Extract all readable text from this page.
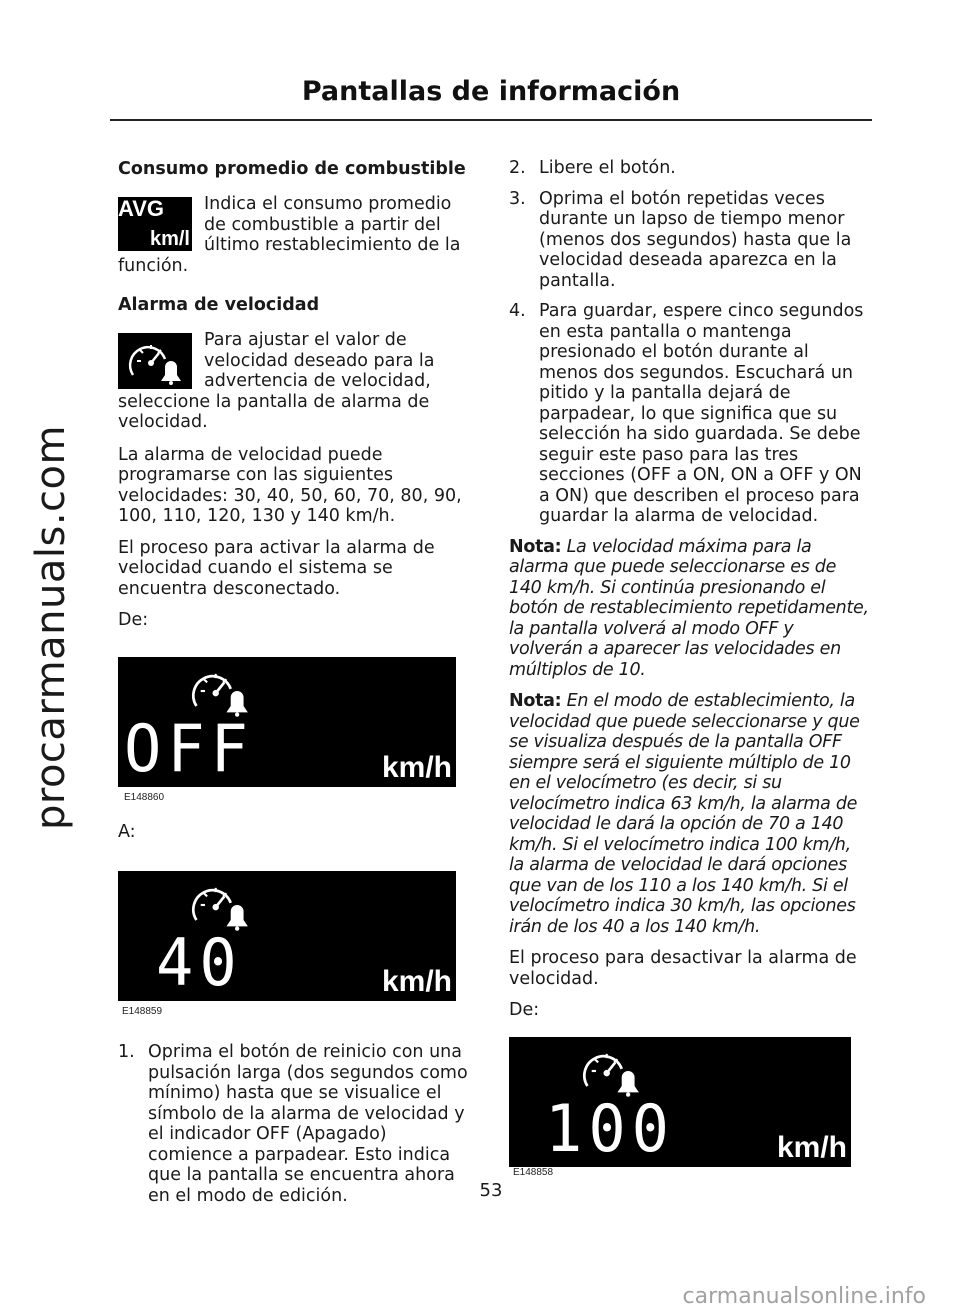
procarmanuals.com
Pantallas de información
Consumo promedio de combustible
AVG
km/l
Indica el consumo promedio de combustible a partir del último restablecimiento de la función.
Alarma de velocidad
Para ajustar el valor de velocidad deseado para la advertencia de velocidad, seleccione la pantalla de alarma de velocidad.

La alarma de velocidad puede programarse con las siguientes velocidades: 30, 40, 50, 60, 70, 80, 90, 100, 110, 120, 130 y 140 km/h.

El proceso para activar la alarma de velocidad cuando el sistema se encuentra desconectado.

De:

OFF	km/h
E148860

A:

40	km/h
E148859
1. Oprima el botón de reinicio con una pulsación larga (dos segundos como mínimo) hasta que se visualice el símbolo de la alarma de velocidad y el indicador OFF (Apagado) comience a parpadear. Esto indica que la pantalla se encuentra ahora en el modo de edición.
2. Libere el botón.
3. Oprima el botón repetidas veces durante un lapso de tiempo menor (menos dos segundos) hasta que la velocidad deseada aparezca en la pantalla.
4. Para guardar, espere cinco segundos en esta pantalla o mantenga presionado el botón durante al menos dos segundos. Escuchará un pitido y la pantalla dejará de parpadear, lo que significa que su selección ha sido guardada. Se debe seguir este paso para las tres secciones (OFF a ON, ON a OFF y ON a ON) que describen el proceso para guardar la alarma de velocidad.

Nota: La velocidad máxima para la alarma que puede seleccionarse es de 140 km/h. Si continúa presionando el botón de restablecimiento repetidamente, la pantalla volverá al modo OFF y volverán a aparecer las velocidades en múltiplos de 10.

Nota: En el modo de establecimiento, la velocidad que puede seleccionarse y que se visualiza después de la pantalla OFF siempre será el siguiente múltiplo de 10 en el velocímetro (es decir, si su velocímetro indica 63 km/h, la alarma de velocidad le dará la opción de 70 a 140 km/h. Si el velocímetro indica 100 km/h, la alarma de velocidad le dará opciones que van de los 110 a los 140 km/h. Si el velocímetro indica 30 km/h, las opciones irán de los 40 a los 140 km/h.

El proceso para desactivar la alarma de velocidad.

De:

100	km/h
E148858
53
carmanualsonline.info
